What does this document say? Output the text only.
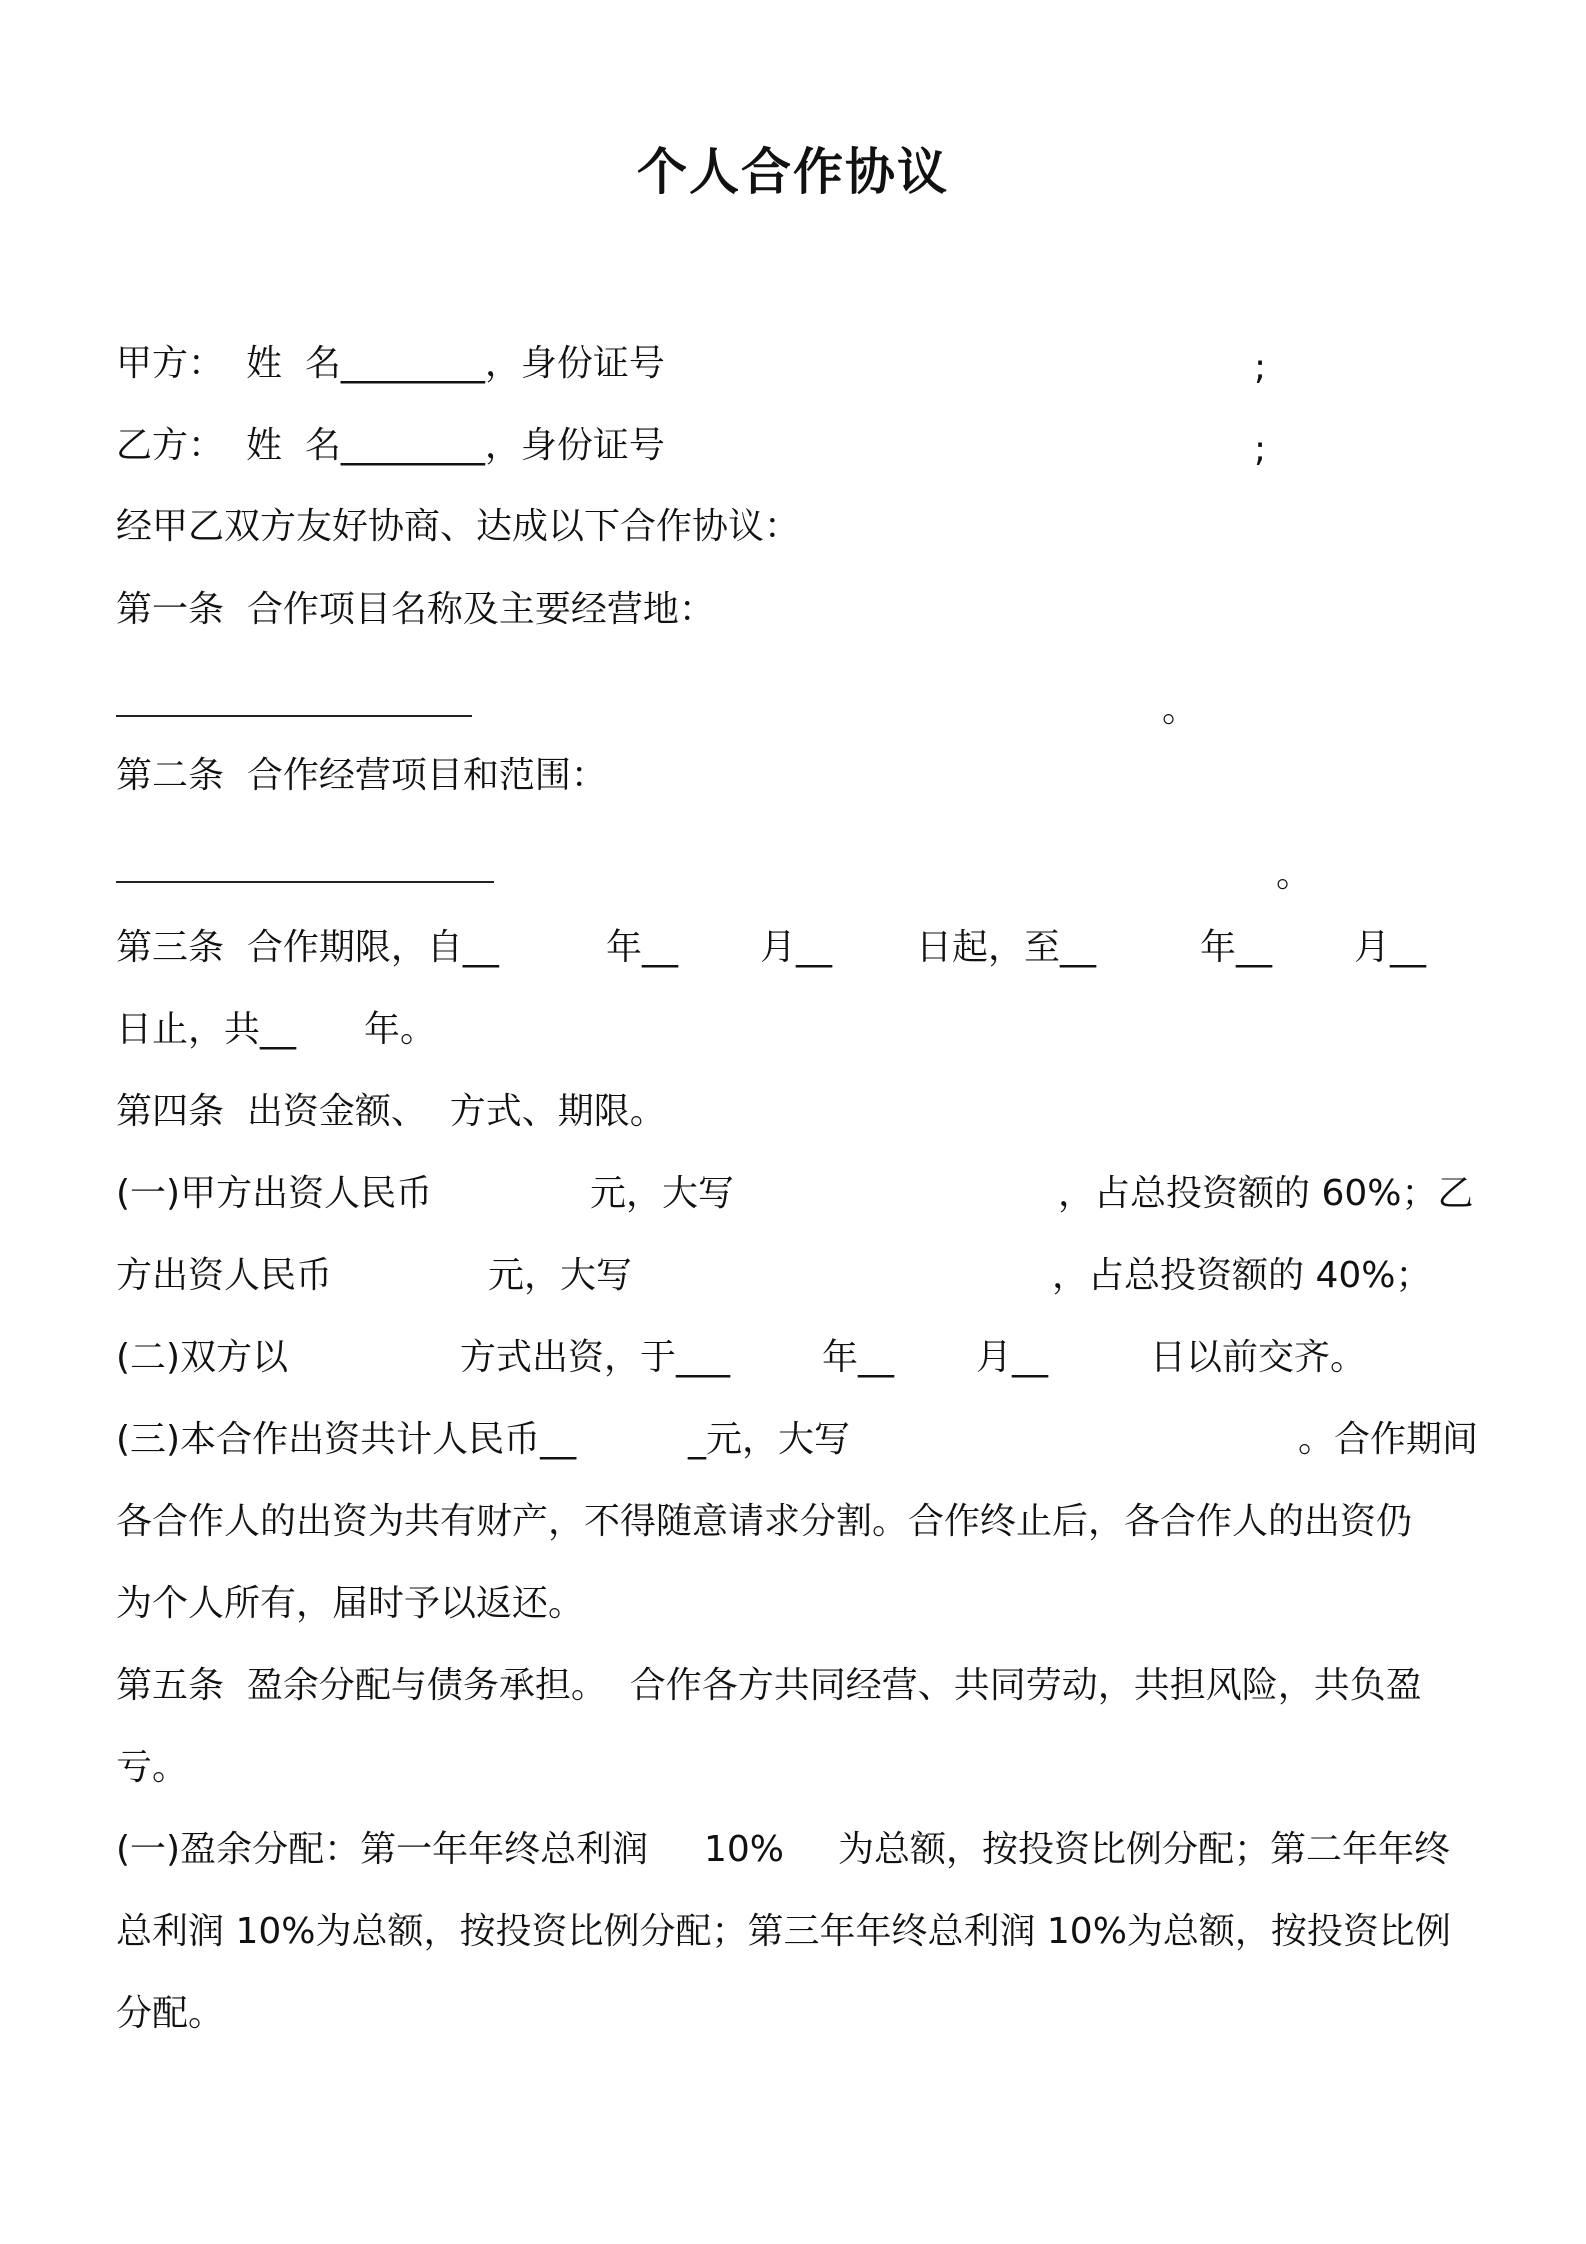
个人合作协议
甲方： 姓  名________，身份证号	;
乙方： 姓  名________，身份证号	;
经甲乙双方友好协商、达成以下合作协议：
第一条  合作项目名称及主要经营地：
。
第二条  合作经营项目和范围：
。
第三条  合作期限，自__	年__ 月__ 日起，至__	年__ 月__
日止，共__ 年。
第四条  出资金额、  方式、期限。
(一)甲方出资人民币	元，大写	，占总投资额的 60%；乙
方出资人民币	元，大写	，占总投资额的 40%；
(二)双方以	方式出资，于___	年__ 月__	日以前交齐。
(三)本合作出资共计人民币__	_元，大写	。合作期间
各合作人的出资为共有财产，不得随意请求分割。合作终止后，各合作人的出资仍
为个人所有，届时予以返还。
第五条  盈余分配与债务承担。  合作各方共同经营、共同劳动，共担风险，共负盈
亏。
(一)盈余分配：第一年年终总利润 10% 为总额，按投资比例分配；第二年年终
总利润 10%为总额，按投资比例分配；第三年年终总利润 10%为总额，按投资比例
分配。
